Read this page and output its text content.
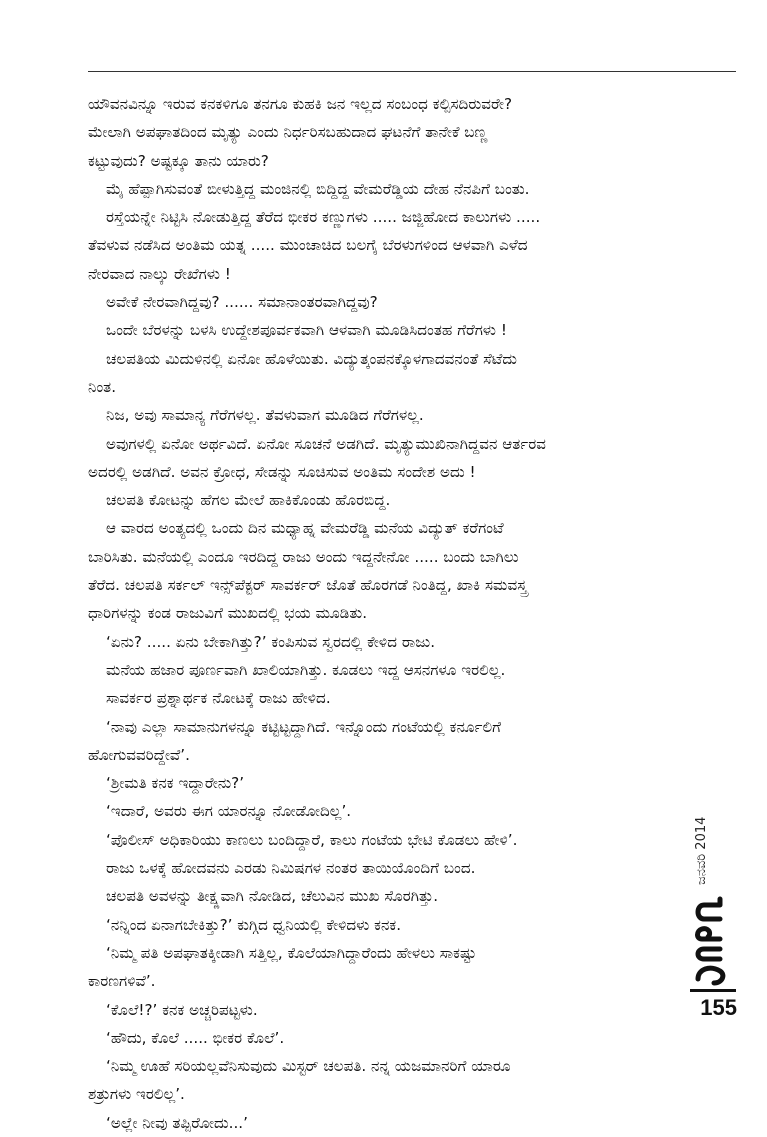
ಯೌವನವಿನ್ನೂ ಇರುವ ಕನಕಳಿಗೂ ತನಗೂ ಕುಹಕಿ ಜನ ಇಲ್ಲದ ಸಂಬಂಧ ಕಲ್ಪಿಸದಿರುವರೇ?
ಮೇಲಾಗಿ ಅಪಘಾತದಿಂದ ಮೃತ್ಯು ಎಂದು ನಿರ್ಧರಿಸಬಹುದಾದ ಘಟನೆಗೆ ತಾನೇಕೆ ಬಣ್ಣ
ಕಟ್ಟುವುದು? ಅಷ್ಟಕ್ಕೂ ತಾನು ಯಾರು?
ಮೈ ಹೆಪ್ಪಾಗಿಸುವಂತೆ ಬೀಳುತ್ತಿದ್ದ ಮಂಜಿನಲ್ಲಿ ಬಿದ್ದಿದ್ದ ವೇಮರೆಡ್ಡಿಯ ದೇಹ ನೆನಪಿಗೆ ಬಂತು.
ರಸ್ತೆಯನ್ನೇ ನಿಟ್ಟಿಸಿ ನೋಡುತ್ತಿದ್ದ ತೆರೆದ ಭೀಕರ ಕಣ್ಣುಗಳು ..... ಜಜ್ಜಿಹೋದ ಕಾಲುಗಳು .....
ತೆವಳುವ ನಡೆಸಿದ ಅಂತಿಮ ಯತ್ನ ..... ಮುಂಚಾಚಿದ ಬಲಗೈ ಬೆರಳುಗಳಿಂದ ಆಳವಾಗಿ ಎಳೆದ
ನೇರವಾದ ನಾಲ್ಕು ರೇಖೆಗಳು !
ಅವೇಕೆ ನೇರವಾಗಿದ್ದವು? ...... ಸಮಾನಾಂತರವಾಗಿದ್ದವು?
ಒಂದೇ ಬೆರಳನ್ನು ಬಳಸಿ ಉದ್ದೇಶಪೂರ್ವಕವಾಗಿ ಆಳವಾಗಿ ಮೂಡಿಸಿದಂತಹ ಗೆರೆಗಳು !
ಚಲಪತಿಯ ಮಿದುಳಿನಲ್ಲಿ ಏನೋ ಹೊಳೆಯಿತು. ವಿದ್ಯುತ್ಕಂಪನಕ್ಕೊಳಗಾದವನಂತೆ ಸೆಟೆದು
ನಿಂತ.
ನಿಜ, ಅವು ಸಾಮಾನ್ಯ ಗೆರೆಗಳಲ್ಲ. ತೆವಳುವಾಗ ಮೂಡಿದ ಗೆರೆಗಳಲ್ಲ.
ಅವುಗಳಲ್ಲಿ ಏನೋ ಅರ್ಥವಿದೆ. ಏನೋ ಸೂಚನೆ ಅಡಗಿದೆ. ಮೃತ್ಯುಮುಖಿನಾಗಿದ್ದವನ ಆರ್ತರವ
ಅದರಲ್ಲಿ ಅಡಗಿದೆ. ಅವನ ಕ್ರೋಧ, ಸೇಡನ್ನು ಸೂಚಿಸುವ ಅಂತಿಮ ಸಂದೇಶ ಅದು !
ಚಲಪತಿ ಕೋಟನ್ನು ಹೆಗಲ ಮೇಲೆ ಹಾಕಿಕೊಂಡು ಹೊರಬಿದ್ದ.
ಆ ವಾರದ ಅಂತ್ಯದಲ್ಲಿ ಒಂದು ದಿನ ಮಧ್ಯಾಹ್ನ ವೇಮರೆಡ್ಡಿ ಮನೆಯ ವಿದ್ಯುತ್ ಕರೆಗಂಟೆ
ಬಾರಿಸಿತು. ಮನೆಯಲ್ಲಿ ಎಂದೂ ಇರದಿದ್ದ ರಾಜು ಅಂದು ಇದ್ದನೇನೋ ..... ಬಂದು ಬಾಗಿಲು
ತೆರೆದ. ಚಲಪತಿ ಸರ್ಕಲ್ ಇನ್ಸ್‌ಪೆಕ್ಟರ್ ಸಾವರ್ಕರ್ ಜೊತೆ ಹೊರಗಡೆ ನಿಂತಿದ್ದ, ಖಾಕಿ ಸಮವಸ್ತ್ರ
ಧಾರಿಗಳನ್ನು ಕಂಡ ರಾಜುವಿಗೆ ಮುಖದಲ್ಲಿ ಭಯ ಮೂಡಿತು.
‘ಏನು? ..... ಏನು ಬೇಕಾಗಿತ್ತು?’ ಕಂಪಿಸುವ ಸ್ವರದಲ್ಲಿ ಕೇಳಿದ ರಾಜು.
ಮನೆಯ ಹಜಾರ ಪೂರ್ಣವಾಗಿ ಖಾಲಿಯಾಗಿತ್ತು. ಕೂಡಲು ಇದ್ದ ಆಸನಗಳೂ ಇರಲಿಲ್ಲ.
ಸಾವರ್ಕರ ಪ್ರಶ್ನಾರ್ಥಕ ನೋಟಕ್ಕೆ ರಾಜು ಹೇಳಿದ.
‘ನಾವು ಎಲ್ಲಾ ಸಾಮಾನುಗಳನ್ನೂ ಕಟ್ಟಿಟ್ಟದ್ದಾಗಿದೆ. ಇನ್ನೊಂದು ಗಂಟೆಯಲ್ಲಿ ಕರ್ನೂಲಿಗೆ
ಹೋಗುವವರಿದ್ದೇವೆ’.
‘ಶ್ರೀಮತಿ ಕನಕ ಇದ್ದಾರೇನು?’
‘ಇದಾರೆ, ಅವರು ಈಗ ಯಾರನ್ನೂ ನೋಡೋದಿಲ್ಲ’.
‘ಪೊಲೀಸ್ ಅಧಿಕಾರಿಯು ಕಾಣಲು ಬಂದಿದ್ದಾರೆ, ಕಾಲು ಗಂಟೆಯ ಭೇಟಿ ಕೊಡಲು ಹೇಳಿ’.
ರಾಜು ಒಳಕ್ಕೆ ಹೋದವನು ಎರಡು ನಿಮಿಷಗಳ ನಂತರ ತಾಯಿಯೊಂದಿಗೆ ಬಂದ.
ಚಲಪತಿ ಅವಳನ್ನು ತೀಕ್ಷ್ಣವಾಗಿ ನೋಡಿದ, ಚೆಲುವಿನ ಮುಖ ಸೊರಗಿತ್ತು.
‘ನನ್ನಿಂದ ಏನಾಗಬೇಕಿತ್ತು?’ ಕುಗ್ಗಿದ ಧ್ವನಿಯಲ್ಲಿ ಕೇಳಿದಳು ಕನಕ.
‘ನಿಮ್ಮ ಪತಿ ಅಪಘಾತಕ್ಕೀಡಾಗಿ ಸತ್ತಿಲ್ಲ, ಕೊಲೆಯಾಗಿದ್ದಾರೆಂದು ಹೇಳಲು ಸಾಕಷ್ಟು
ಕಾರಣಗಳಿವೆ’.
‘ಕೊಲೆ!?’ ಕನಕ ಅಚ್ಚರಿಪಟ್ಟಳು.
‘ಹೌದು, ಕೊಲೆ ..... ಭೀಕರ ಕೊಲೆ’.
‘ನಿಮ್ಮ ಊಹೆ ಸರಿಯಲ್ಲವೆನಿಸುವುದು ಮಿಸ್ಟರ್ ಚಲಪತಿ. ನನ್ನ ಯಜಮಾನರಿಗೆ ಯಾರೂ
ಶತ್ರುಗಳು ಇರಲಿಲ್ಲ’.
‘ಅಲ್ಲೇ ನೀವು ತಪ್ಪಿರೋದು...’
ಜನವರಿ 2014
155
